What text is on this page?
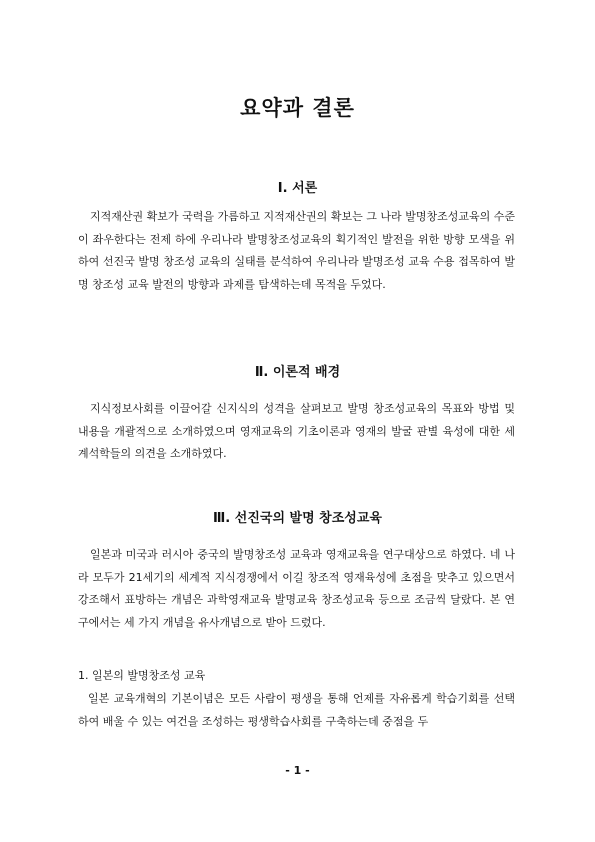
요약과 결론
Ⅰ. 서론

지적재산권 확보가 국력을 가름하고 지적재산권의 확보는 그 나라 발명창조성교육의 수준이 좌우한다는 전제 하에 우리나라 발명창조성교육의 획기적인 발전을 위한 방향 모색을 위하여 선진국 발명 창조성 교육의 실태를 분석하여 우리나라 발명조성 교육 수용 접목하여 발명 창조성 교육 발전의 방향과 과제를 탐색하는데 목적을 두었다.

Ⅱ. 이론적 배경

지식정보사회를 이끌어갈 신지식의 성격을 살펴보고 발명 창조성교육의 목표와 방법 및 내용을 개괄적으로 소개하였으며 영재교육의 기초이론과 영재의 발굴 판별 육성에 대한 세계석학들의 의견을 소개하였다.

Ⅲ. 선진국의 발명 창조성교육

일본과 미국과 러시아 중국의 발명창조성 교육과 영재교육을 연구대상으로 하였다. 네 나라 모두가 21세기의 세계적 지식경쟁에서 이길 창조적 영재육성에 초점을 맞추고 있으면서 강조해서 표방하는 개념은 과학영재교육 발명교육 창조성교육 등으로 조금씩 달랐다. 본 연구에서는 세 가지 개념을 유사개념으로 받아 드렸다.

1. 일본의 발명창조성 교육

일본 교육개혁의 기본이념은 모든 사람이 평생을 통해 언제를 자유롭게 학습기회를 선택하여 배울 수 있는 여건을 조성하는 평생학습사회를 구축하는데 중점을 두

- 1 -
